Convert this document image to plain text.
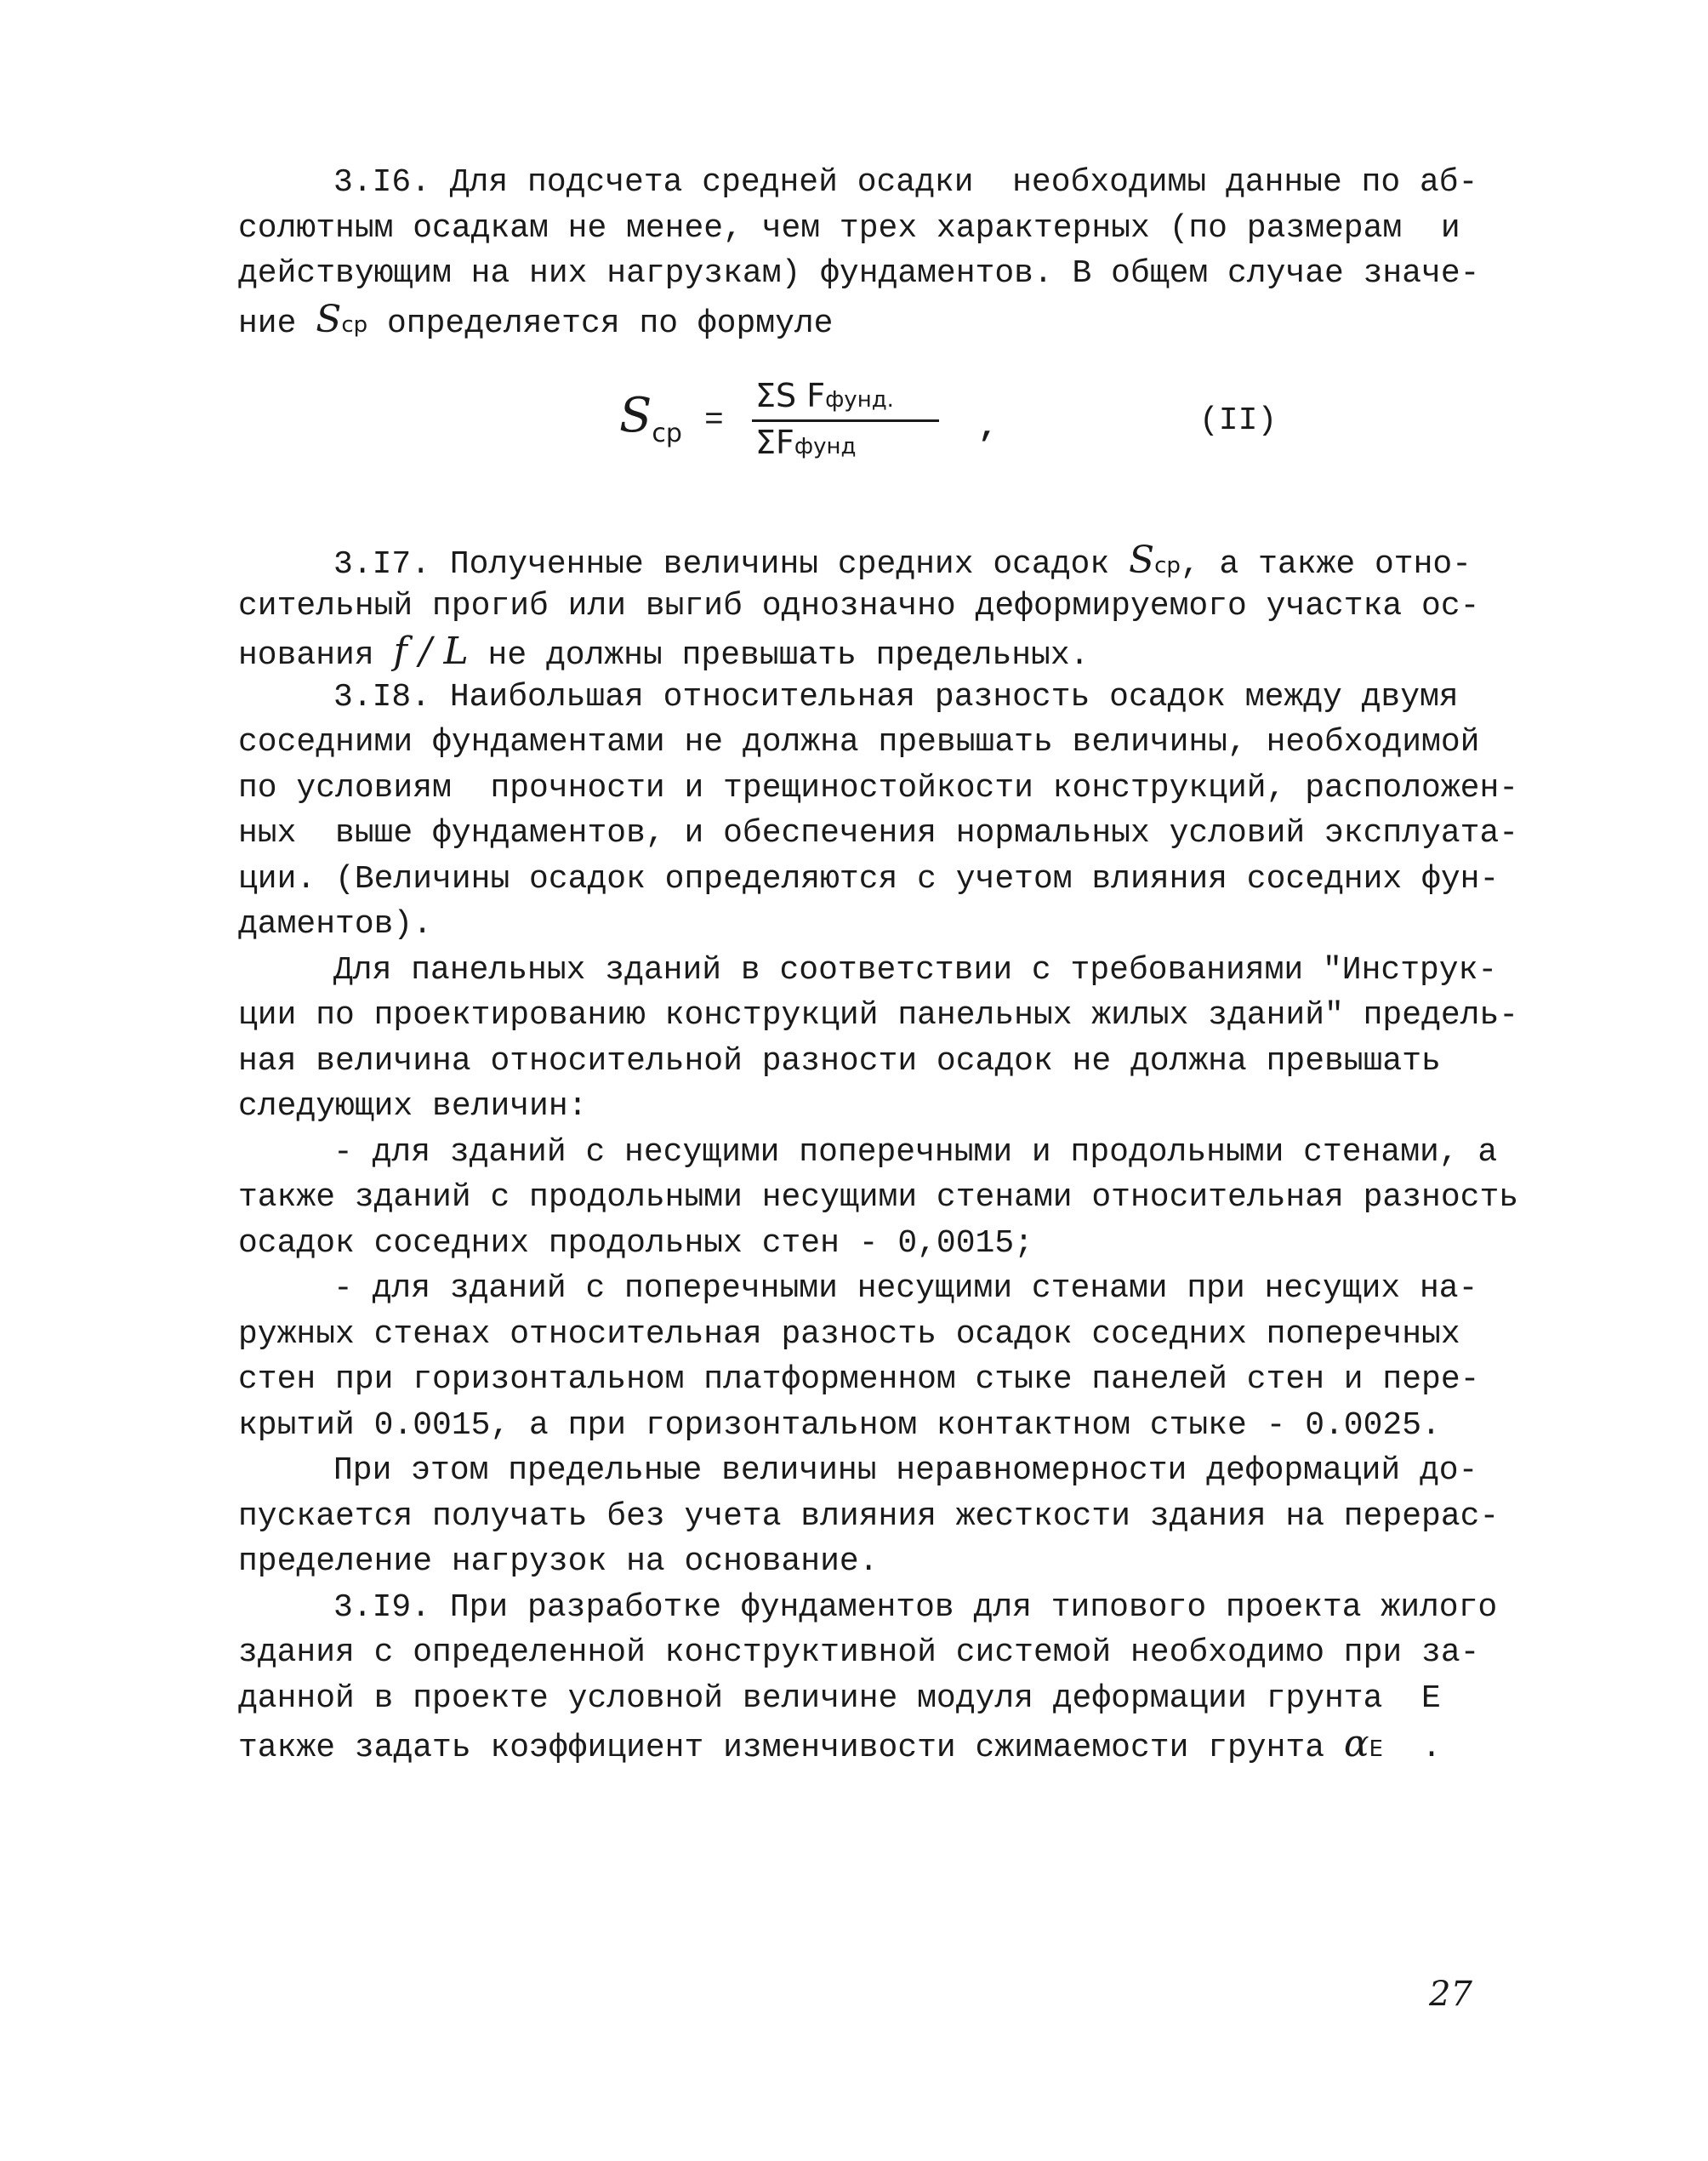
3.I6. Для подсчета средней осадки  необходимы данные по аб-
солютным осадкам не менее, чем трех характерных (по размерам  и
действующим на них нагрузкам) фундаментов. В общем случае значе-
ние Sср определяется по формуле
$S_{ср}$ =
ΣS Fфунд.
ΣFфунд
,	(II)
3.I7. Полученные величины средних осадок Sср, а также отно-
сительный прогиб или выгиб однозначно деформируемого участка ос-
нования f / L не должны превышать предельных.
3.I8. Наибольшая относительная разность осадок между двумя
соседними фундаментами не должна превышать величины, необходимой
по условиям  прочности и трещиностойкости конструкций, расположен-
ных  выше фундаментов, и обеспечения нормальных условий эксплуата-
ции. (Величины осадок определяются с учетом влияния соседних фун-
даментов).
Для панельных зданий в соответствии с требованиями "Инструк-
ции по проектированию конструкций панельных жилых зданий" предель-
ная величина относительной разности осадок не должна превышать
следующих величин:
- для зданий с несущими поперечными и продольными стенами, а
также зданий с продольными несущими стенами относительная разность
осадок соседних продольных стен - 0,0015;
- для зданий с поперечными несущими стенами при несущих на-
ружных стенах относительная разность осадок соседних поперечных
стен при горизонтальном платформенном стыке панелей стен и пере-
крытий 0.0015, а при горизонтальном контактном стыке - 0.0025.
При этом предельные величины неравномерности деформаций до-
пускается получать без учета влияния жесткости здания на перерас-
пределение нагрузок на основание.
3.I9. При разработке фундаментов для типового проекта жилого
здания с определенной конструктивной системой необходимо при за-
данной в проекте условной величине модуля деформации грунта  E
также задать коэффициент изменчивости сжимаемости грунта αE  .
27
